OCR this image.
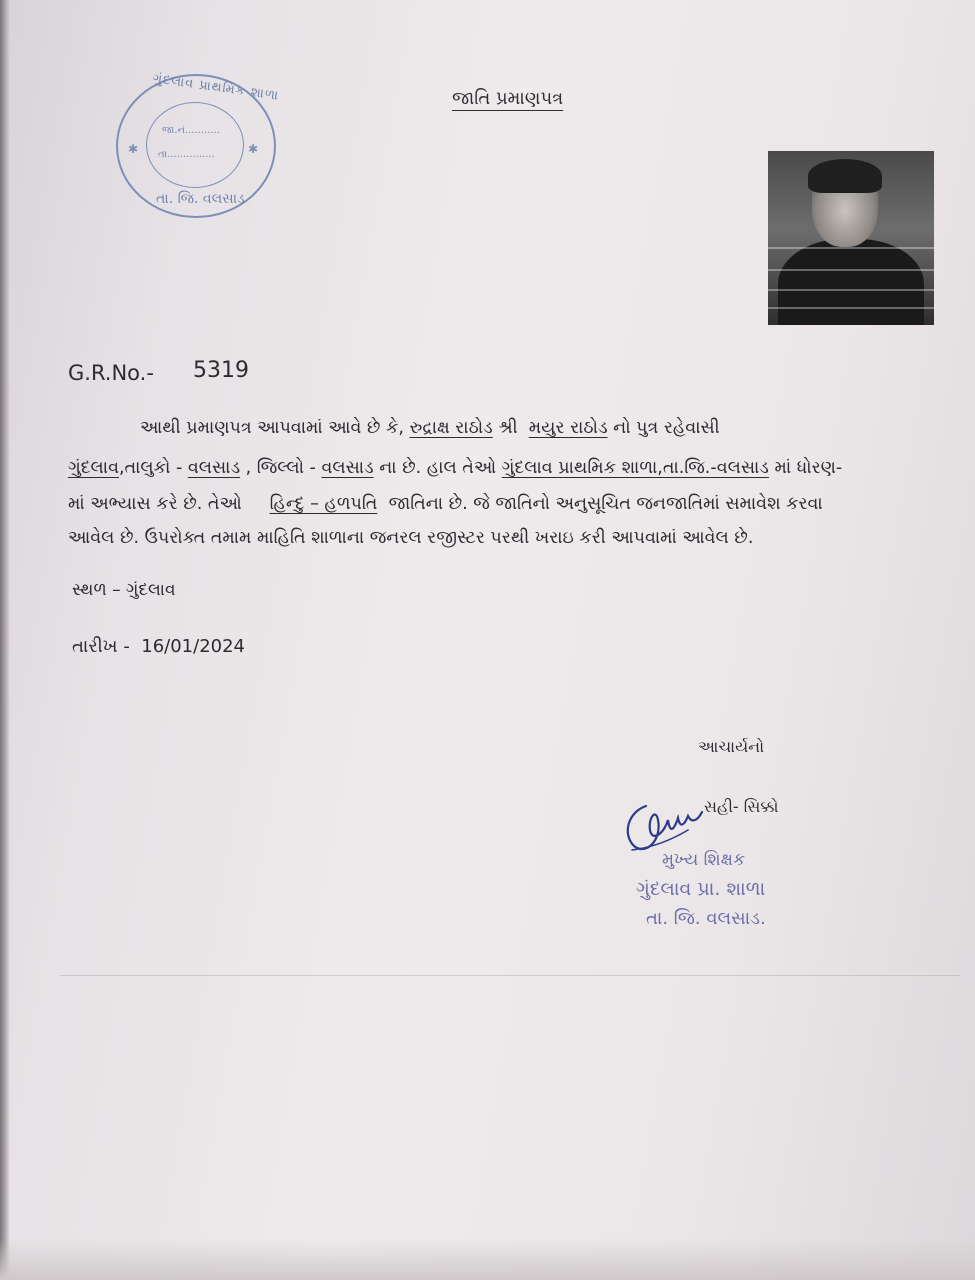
ગુંદલાવ પ્રાથમિક શાળા
જા.નં...........
તા...............
✱	✱
તા. જિ. વલસાડ
જાતિ પ્રમાણપત્ર
G.R.No.- 5319
આથી પ્રમાણપત્ર આપવામાં આવે છે કે, રુદ્રાક્ષ રાઠોડ શ્રી મયુર રાઠોડ નો પુત્ર રહેવાસી
ગુંદલાવ,તાલુકો - વલસાડ , જિલ્લો - વલસાડ ના છે. હાલ તેઓ ગુંદલાવ પ્રાથમિક શાળા,તા.જિ.-વલસાડ માં ધોરણ-
માં અભ્યાસ કરે છે. તેઓ હિન્દુ – હળપતિ જાતિના છે. જે જાતિનો અનુસૂચિત જનજાતિમાં સમાવેશ કરવા
આવેલ છે. ઉપરોક્ત તમામ માહિતિ શાળાના જનરલ રજીસ્ટર પરથી ખરાઇ કરી આપવામાં આવેલ છે.
સ્થળ – ગુંદલાવ
તારીખ - 16/01/2024
આચાર્યનો
સહી- સિક્કો
મુખ્ય શિક્ષક
ગુંદલાવ પ્રા. શાળા
તા. જિ. વલસાડ.
